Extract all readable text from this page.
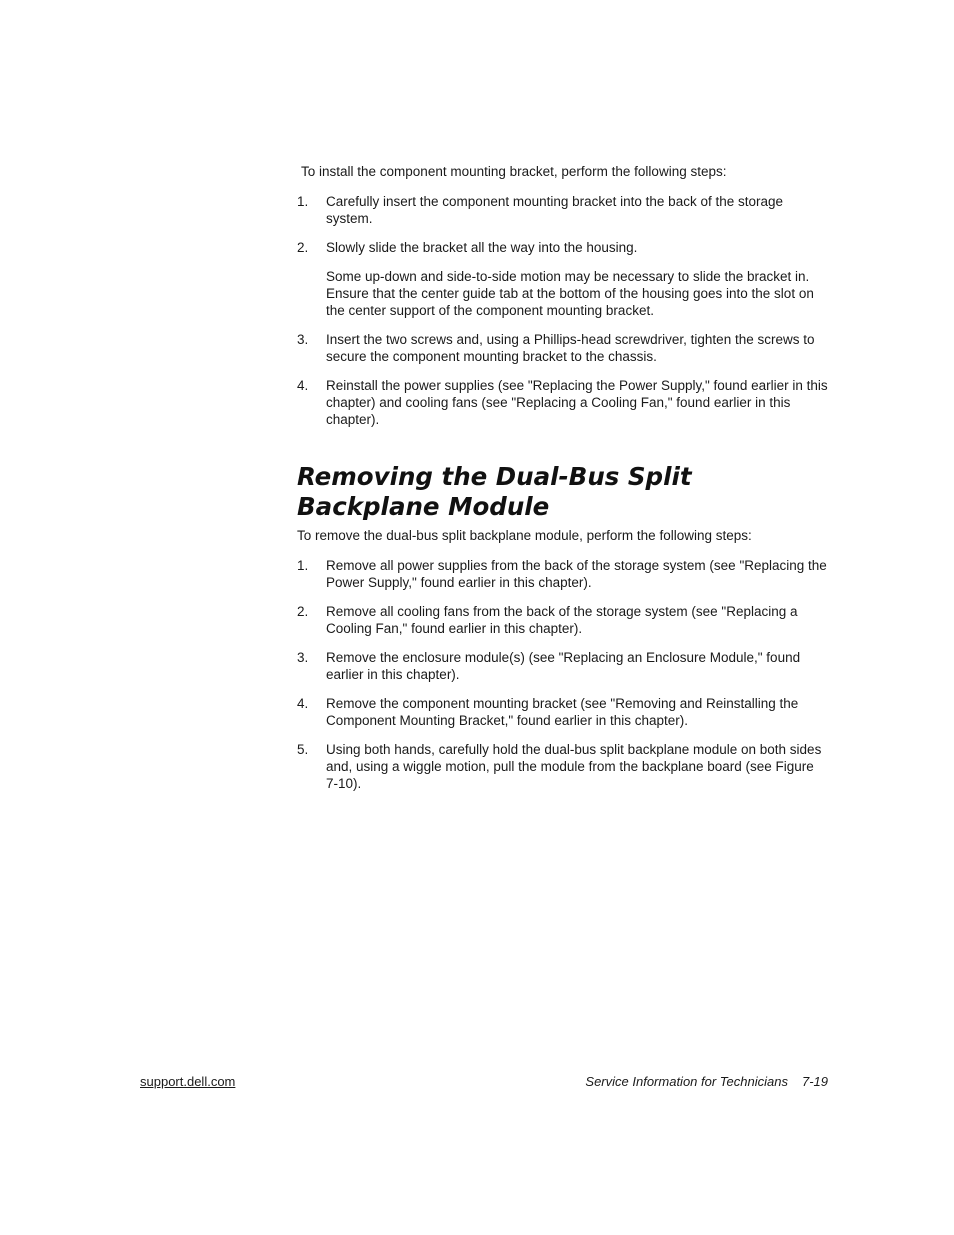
To install the component mounting bracket, perform the following steps:

1. Carefully insert the component mounting bracket into the back of the storage system.
2. Slowly slide the bracket all the way into the housing.
Some up-down and side-to-side motion may be necessary to slide the bracket in. Ensure that the center guide tab at the bottom of the housing goes into the slot on the center support of the component mounting bracket.
3. Insert the two screws and, using a Phillips-head screwdriver, tighten the screws to secure the component mounting bracket to the chassis.
4. Reinstall the power supplies (see "Replacing the Power Supply," found earlier in this chapter) and cooling fans (see "Replacing a Cooling Fan," found earlier in this chapter).
Removing the Dual-Bus Split Backplane Module

To remove the dual-bus split backplane module, perform the following steps:

1. Remove all power supplies from the back of the storage system (see "Replacing the Power Supply," found earlier in this chapter).
2. Remove all cooling fans from the back of the storage system (see "Replacing a Cooling Fan," found earlier in this chapter).
3. Remove the enclosure module(s) (see "Replacing an Enclosure Module," found earlier in this chapter).
4. Remove the component mounting bracket (see "Removing and Reinstalling the Component Mounting Bracket," found earlier in this chapter).
5. Using both hands, carefully hold the dual-bus split backplane module on both sides and, using a wiggle motion, pull the module from the backplane board (see Figure 7-10).
support.dell.com	Service Information for Technicians 7-19
